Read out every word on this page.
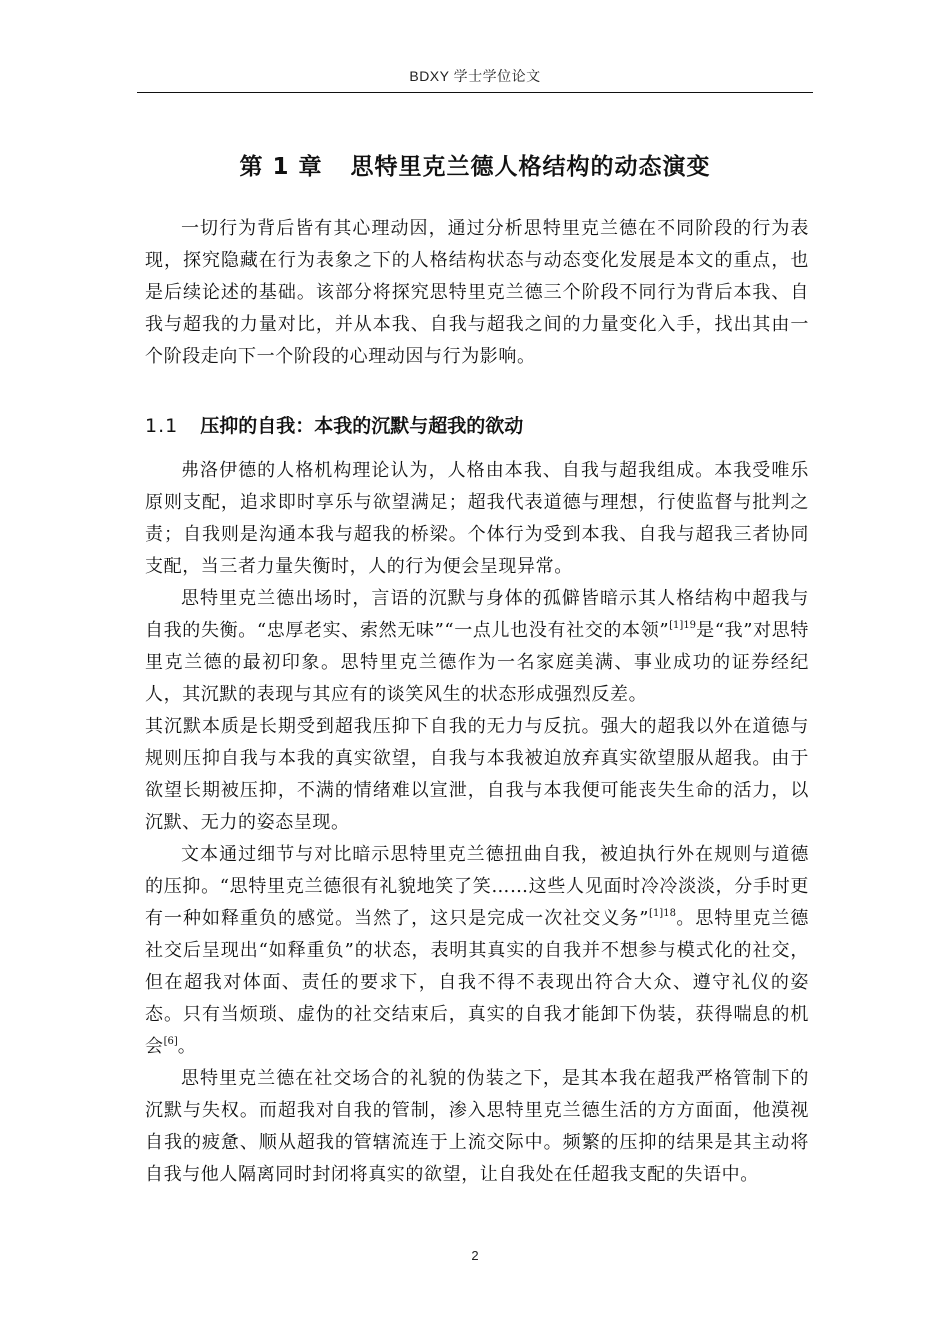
BDXY 学士学位论文
第 1 章 思特里克兰德人格结构的动态演变

一切行为背后皆有其心理动因，通过分析思特里克兰德在不同阶段的行为表现，探究隐藏在行为表象之下的人格结构状态与动态变化发展是本文的重点，也是后续论述的基础。该部分将探究思特里克兰德三个阶段不同行为背后本我、自我与超我的力量对比，并从本我、自我与超我之间的力量变化入手，找出其由一个阶段走向下一个阶段的心理动因与行为影响。

1.1 压抑的自我：本我的沉默与超我的欲动

弗洛伊德的人格机构理论认为，人格由本我、自我与超我组成。本我受唯乐原则支配，追求即时享乐与欲望满足；超我代表道德与理想，行使监督与批判之责；自我则是沟通本我与超我的桥梁。个体行为受到本我、自我与超我三者协同支配，当三者力量失衡时，人的行为便会呈现异常。

思特里克兰德出场时，言语的沉默与身体的孤僻皆暗示其人格结构中超我与自我的失衡。“忠厚老实、索然无味”“一点儿也没有社交的本领”$^{[1]19}$是“我”对思特里克兰德的最初印象。思特里克兰德作为一名家庭美满、事业成功的证券经纪人，其沉默的表现与其应有的谈笑风生的状态形成强烈反差。

其沉默本质是长期受到超我压抑下自我的无力与反抗。强大的超我以外在道德与规则压抑自我与本我的真实欲望，自我与本我被迫放弃真实欲望服从超我。由于欲望长期被压抑，不满的情绪难以宣泄，自我与本我便可能丧失生命的活力，以沉默、无力的姿态呈现。

文本通过细节与对比暗示思特里克兰德扭曲自我，被迫执行外在规则与道德的压抑。“思特里克兰德很有礼貌地笑了笑……这些人见面时冷冷淡淡，分手时更有一种如释重负的感觉。当然了，这只是完成一次社交义务”$^{[1]18}$。思特里克兰德社交后呈现出“如释重负”的状态，表明其真实的自我并不想参与模式化的社交，但在超我对体面、责任的要求下，自我不得不表现出符合大众、遵守礼仪的姿态。只有当烦琐、虚伪的社交结束后，真实的自我才能卸下伪装，获得喘息的机会[6]。

思特里克兰德在社交场合的礼貌的伪装之下，是其本我在超我严格管制下的沉默与失权。而超我对自我的管制，渗入思特里克兰德生活的方方面面，他漠视自我的疲惫、顺从超我的管辖流连于上流交际中。频繁的压抑的结果是其主动将自我与他人隔离同时封闭将真实的欲望，让自我处在任超我支配的失语中。

2
